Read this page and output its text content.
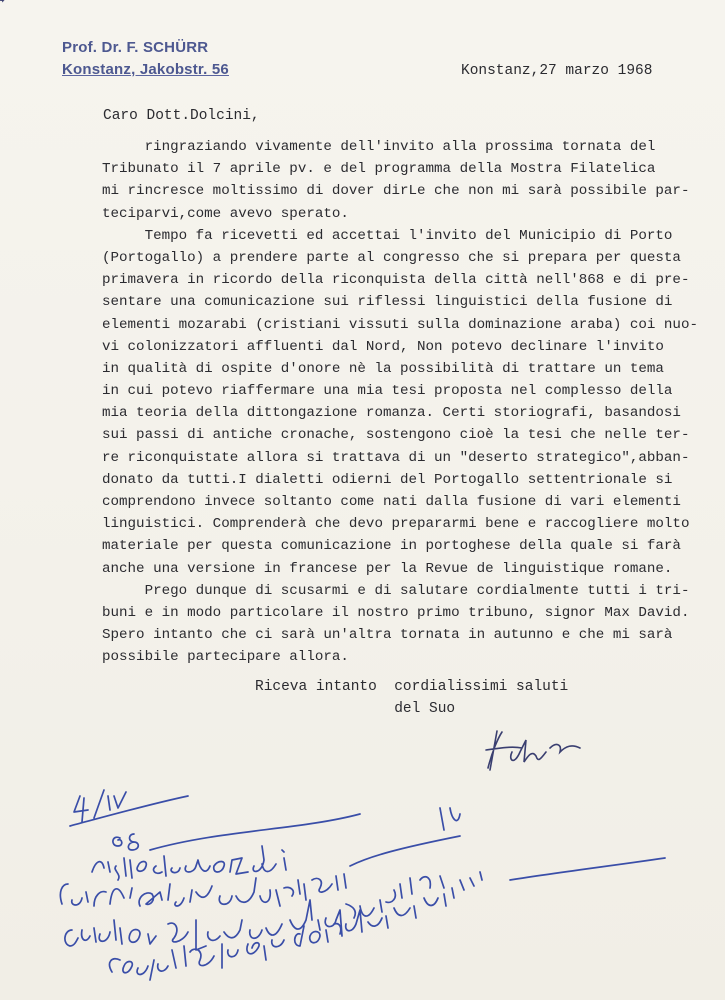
Prof. Dr. F. SCHÜRR
Konstanz, Jakobstr. 56	Konstanz,27 marzo 1968
Caro Dott.Dolcini,
ringraziando vivamente dell'invito alla prossima tornata del
Tribunato il 7 aprile pv. e del programma della Mostra Filatelica
mi rincresce moltissimo di dover dirLe che non mi sarà possibile par-
teciparvi,come avevo sperato.
Tempo fa ricevetti ed accettai l'invito del Municipio di Porto
(Portogallo) a prendere parte al congresso che si prepara per questa
primavera in ricordo della riconquista della città nell'868 e di pre-
sentare una comunicazione sui riflessi linguistici della fusione di
elementi mozarabi (cristiani vissuti sulla dominazione araba) coi nuo-
vi colonizzatori affluenti dal Nord, Non potevo declinare l'invito
in qualità di ospite d'onore nè la possibilità di trattare un tema
in cui potevo riaffermare una mia tesi proposta nel complesso della
mia teoria della dittongazione romanza. Certi storiografi, basandosi
sui passi di antiche cronache, sostengono cioè la tesi che nelle ter-
re riconquistate allora si trattava di un "deserto strategico",abban-
donato da tutti.I dialetti odierni del Portogallo settentrionale si
comprendono invece soltanto come nati dalla fusione di vari elementi
linguistici. Comprenderà che devo prepararmi bene e raccogliere molto
materiale per questa comunicazione in portoghese della quale si farà
anche una versione in francese per la Revue de linguistique romane.
Prego dunque di scusarmi e di salutare cordialmente tutti i tri-
buni e in modo particolare il nostro primo tribuno, signor Max David.
Spero intanto che ci sarà un'altra tornata in autunno e che mi sarà
possibile partecipare allora.
Riceva intanto  cordialissimi saluti
del Suo
Schürr
4/IV 68
risposto chiedendo gli
nei altri autori da vedere
consiglio per cui autografi
testo per Longanesi
